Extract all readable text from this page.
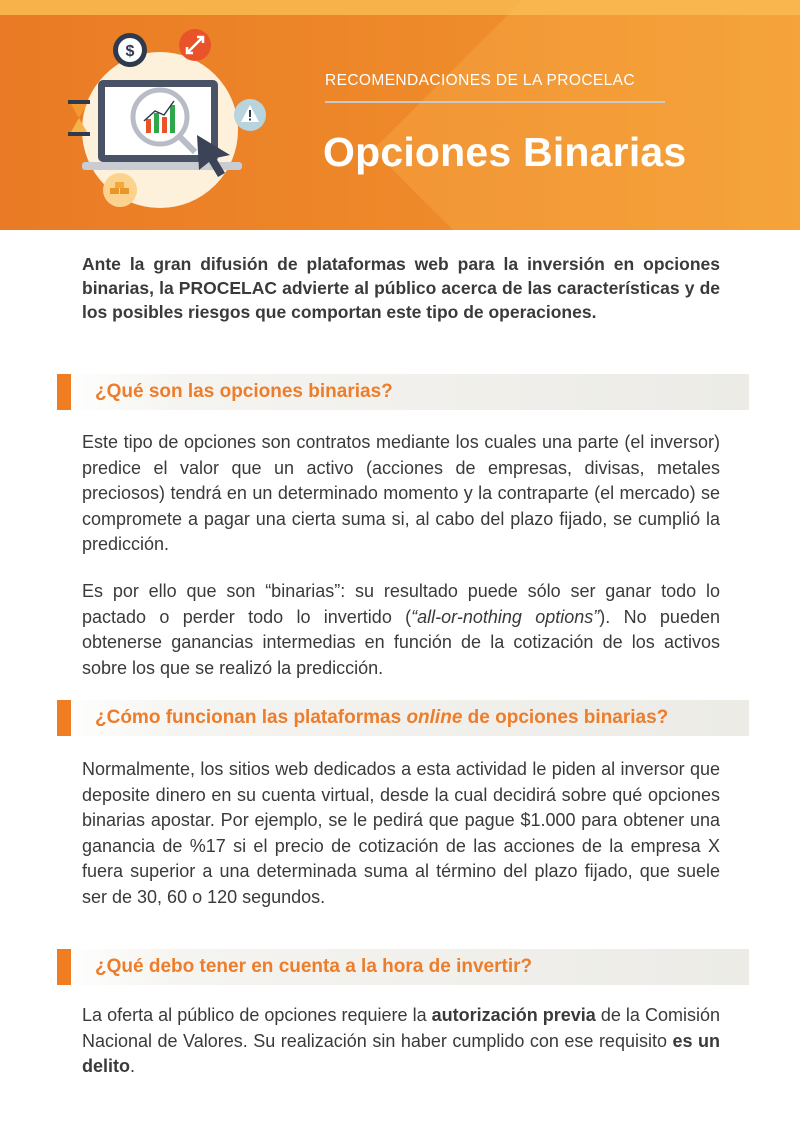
$
RECOMENDACIONES DE LA PROCELAC
Opciones Binarias
Ante la gran difusión de plataformas web para la inversión en opciones binarias, la PROCELAC advierte al público acerca de las características y de los posibles riesgos que comportan este tipo de operaciones.
¿Qué son las opciones binarias?
Este tipo de opciones son contratos mediante los cuales una parte (el inversor) predice el valor que un activo (acciones de empresas, divisas, metales preciosos) tendrá en un determinado momento y la contraparte (el mercado) se compromete a pagar una cierta suma si, al cabo del plazo fijado, se cumplió la predicción.
Es por ello que son “binarias”: su resultado puede sólo ser ganar todo lo pactado o perder todo lo invertido (“all-or-nothing options”). No pueden obtenerse ganancias intermedias en función de la cotización de los activos sobre los que se realizó la predicción.
¿Cómo funcionan las plataformas online de opciones binarias?
Normalmente, los sitios web dedicados a esta actividad le piden al inversor que deposite dinero en su cuenta virtual, desde la cual decidirá sobre qué opciones binarias apostar. Por ejemplo, se le pedirá que pague $1.000 para obtener una ganancia de %17 si el precio de cotización de las acciones de la empresa X fuera superior a una determinada suma al término del plazo fijado, que suele ser de 30, 60 o 120 segundos.
¿Qué debo tener en cuenta a la hora de invertir?
La oferta al público de opciones requiere la autorización previa de la Comisión Nacional de Valores. Su realización sin haber cumplido con ese requisito es un delito.
